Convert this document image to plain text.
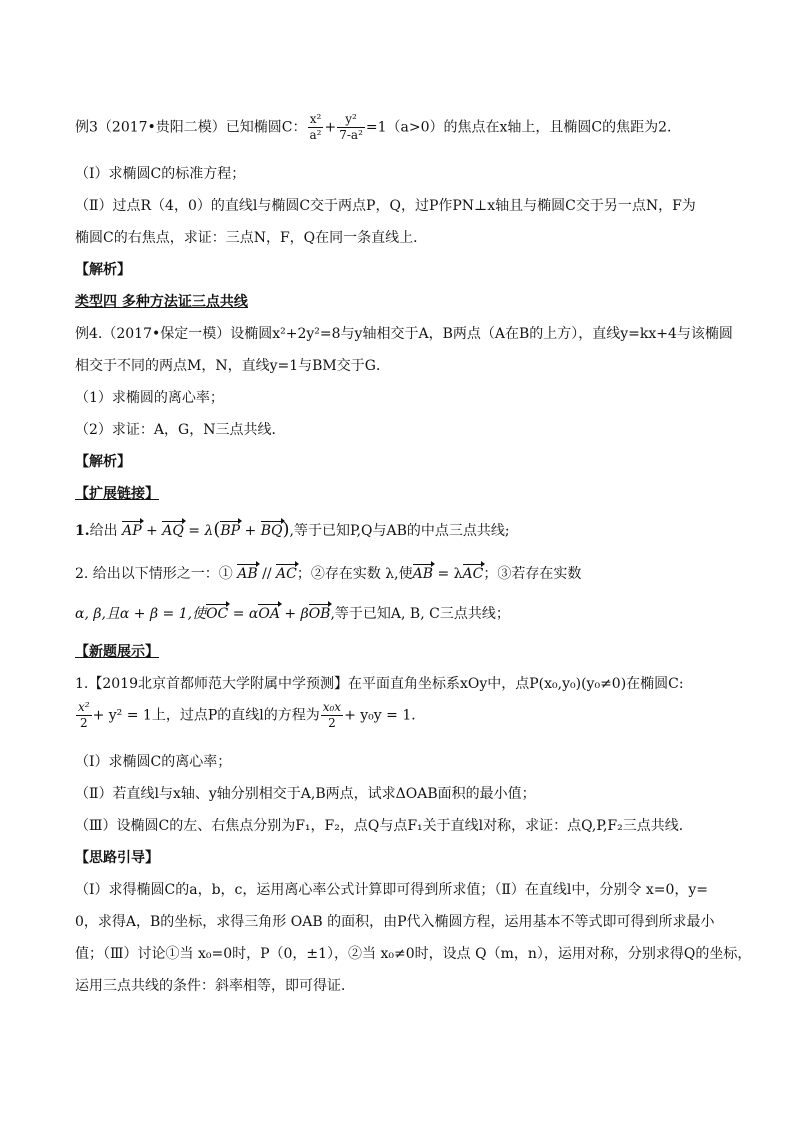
例3（2017•贵阳二模）已知椭圆C： $\frac{\text{x²}}{\text{a²}} + \frac{\text{y²}}{\text{7-a²}} =1(a>0)$的焦点在x轴上，且椭圆C的焦距为2．
（Ⅰ）求椭圆C的标准方程；
（Ⅱ）过点R（4，0）的直线l与椭圆C交于两点P，Q，过P作PN⊥x轴且与椭圆C交于另一点N，F为
椭圆C的右焦点，求证：三点N，F，Q在同一条直线上．
【解析】
类型四 多种方法证三点共线
例4.（2017•保定一模）设椭圆x²+2y²=8与y轴相交于A，B两点（A在B的上方），直线y=kx+4与该椭圆
相交于不同的两点M，N，直线y=1与BM交于G．
（1）求椭圆的离心率；
（2）求证：A，G，N三点共线．
【解析】
【扩展链接】
1.给出 AP + AQ = λ(BP + BQ),等于已知P,Q与AB的中点三点共线;
2. 给出以下情形之一：① AB // AC；②存在实数 λ,使AB = λAC；③若存在实数
α, β,且α + β = 1,使OC = αOA + βOB,等于已知A, B, C三点共线；
【新题展示】
1.【2019北京首都师范大学附属中学预测】在平面直角坐标系xOy中，点P(x₀,y₀)(y₀≠0)在椭圆C:
$\frac{\text{x²}}{2} + y^2 = 1$上，过点P的直线l的方程为 $\frac{\text{x₀x}}{2} + y_0y = 1$．
（Ⅰ）求椭圆C的离心率；
（Ⅱ）若直线l与x轴、y轴分别相交于A,B两点，试求ΔOAB面积的最小值；
（Ⅲ）设椭圆C的左、右焦点分别为F₁，F₂，点Q与点F₁关于直线l对称，求证：点Q,P,F₂三点共线．
【思路引导】
（Ⅰ）求得椭圆C的a，b，c，运用离心率公式计算即可得到所求值；（Ⅱ）在直线l中，分别令 x=0，y=
0，求得A，B的坐标，求得三角形 OAB 的面积，由P代入椭圆方程，运用基本不等式即可得到所求最小
值；（Ⅲ）讨论①当 x₀=0时，P（0，±1），②当 x₀≠0时，设点 Q（m，n），运用对称，分别求得Q的坐标，
运用三点共线的条件：斜率相等，即可得证．
